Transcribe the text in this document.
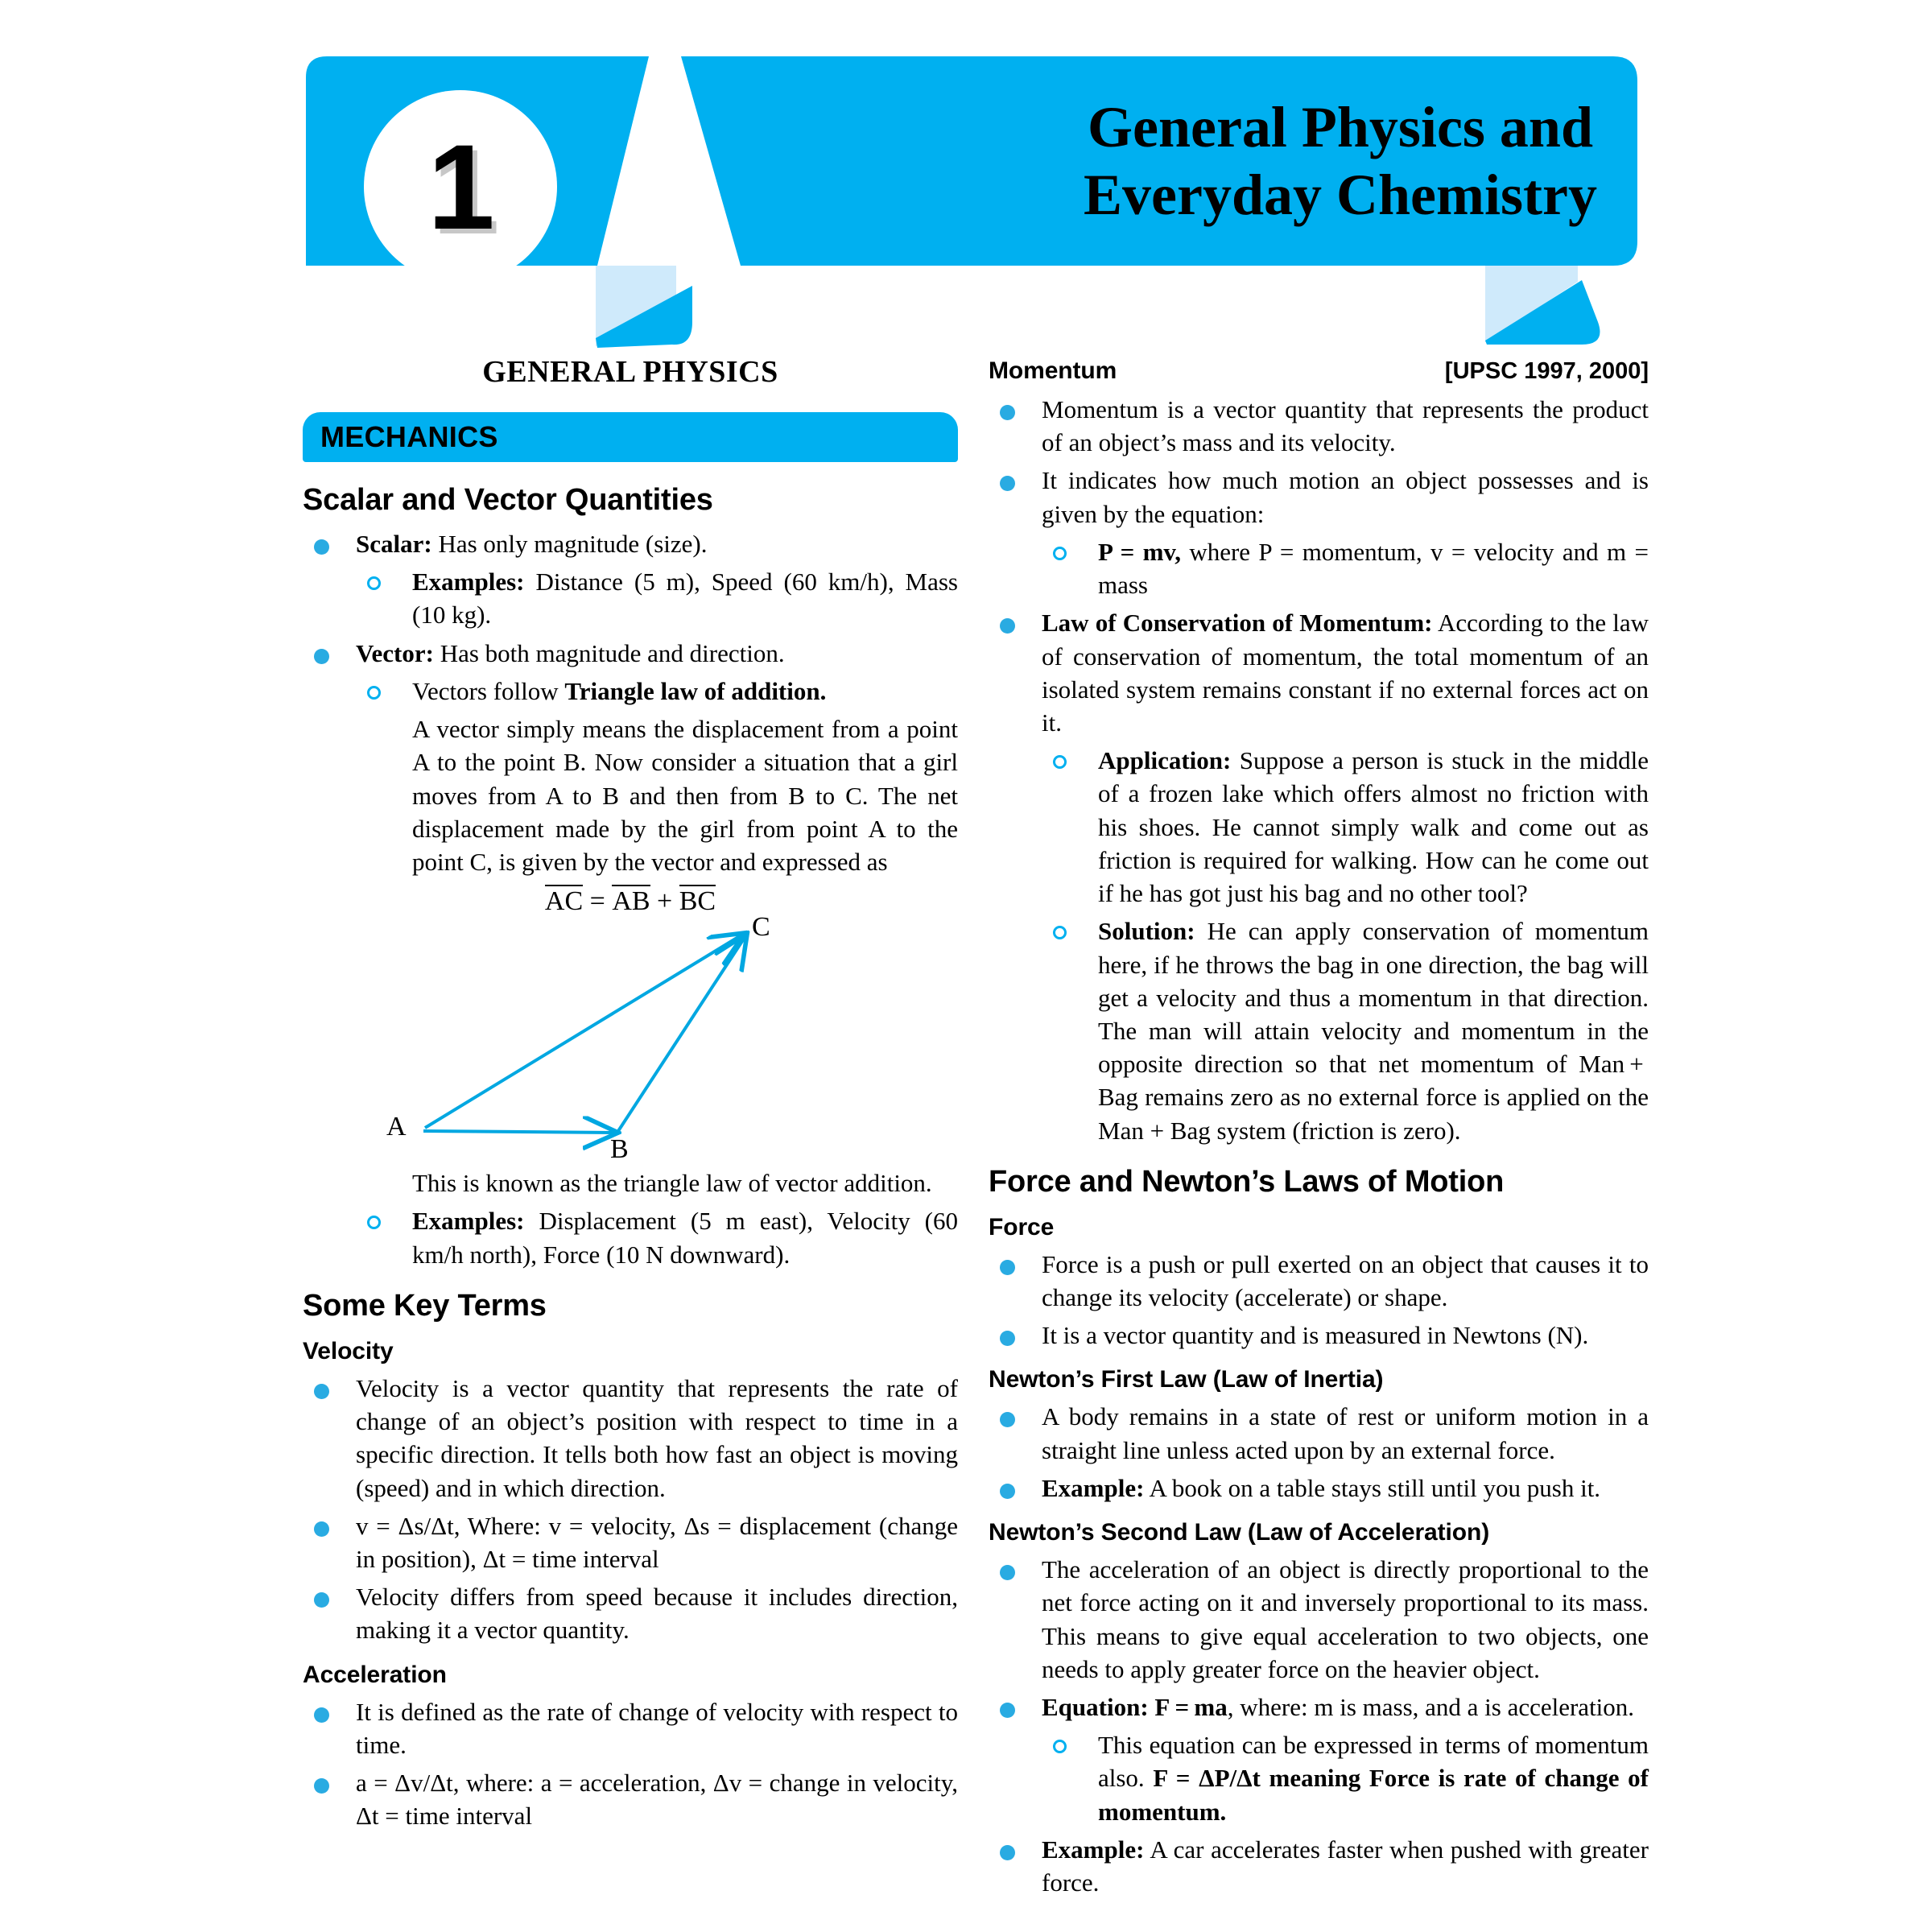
1	General Physics and
Everyday Chemistry
GENERAL PHYSICS
MECHANICS
Scalar and Vector Quantities
Scalar: Has only magnitude (size).
Examples: Distance (5 m), Speed (60 km/h), Mass (10 kg).
Vector: Has both magnitude and direction.
Vectors follow Triangle law of addition.
A vector simply means the displacement from a point A to the point B. Now consider a situation that a girl moves from A to B and then from B to C. The net displacement made by the girl from point A to the point C, is given by the vector and expressed as
AC = AB + BC
A
B
C
This is known as the triangle law of vector addition.
Examples: Displacement (5 m east), Velocity (60 km/h north), Force (10 N downward).
Some Key Terms
Velocity
Velocity is a vector quantity that represents the rate of change of an object’s position with respect to time in a specific direction. It tells both how fast an object is moving (speed) and in which direction.
v = Δs/Δt, Where: v = velocity, Δs = displacement (change in position), Δt = time interval
Velocity differs from speed because it includes direction, making it a vector quantity.
Acceleration
It is defined as the rate of change of velocity with respect to time.
a = Δv/Δt, where: a = acceleration, Δv = change in velocity, Δt = time interval
Momentum	[UPSC 1997, 2000]
Momentum is a vector quantity that represents the product of an object’s mass and its velocity.
It indicates how much motion an object possesses and is given by the equation:
P = mv, where P = momentum, v = velocity and m = mass
Law of Conservation of Momentum: According to the law of conservation of momentum, the total momentum of an isolated system remains constant if no external forces act on it.
Application: Suppose a person is stuck in the middle of a frozen lake which offers almost no friction with his shoes. He cannot simply walk and come out as friction is required for walking. How can he come out if he has got just his bag and no other tool?
Solution: He can apply conservation of momentum here, if he throws the bag in one direction, the bag will get a velocity and thus a momentum in that direction. The man will attain velocity and momentum in the opposite direction so that net momentum of Man + Bag remains zero as no external force is applied on the Man + Bag system (friction is zero).
Force and Newton’s Laws of Motion
Force
Force is a push or pull exerted on an object that causes it to change its velocity (accelerate) or shape.
It is a vector quantity and is measured in Newtons (N).
Newton’s First Law (Law of Inertia)
A body remains in a state of rest or uniform motion in a straight line unless acted upon by an external force.
Example: A book on a table stays still until you push it.
Newton’s Second Law (Law of Acceleration)
The acceleration of an object is directly proportional to the net force acting on it and inversely proportional to its mass. This means to give equal acceleration to two objects, one needs to apply greater force on the heavier object.
Equation: F = ma, where: m is mass, and a is acceleration.
This equation can be expressed in terms of momentum also. F = ΔP/Δt meaning Force is rate of change of momentum.
Example: A car accelerates faster when pushed with greater force.
